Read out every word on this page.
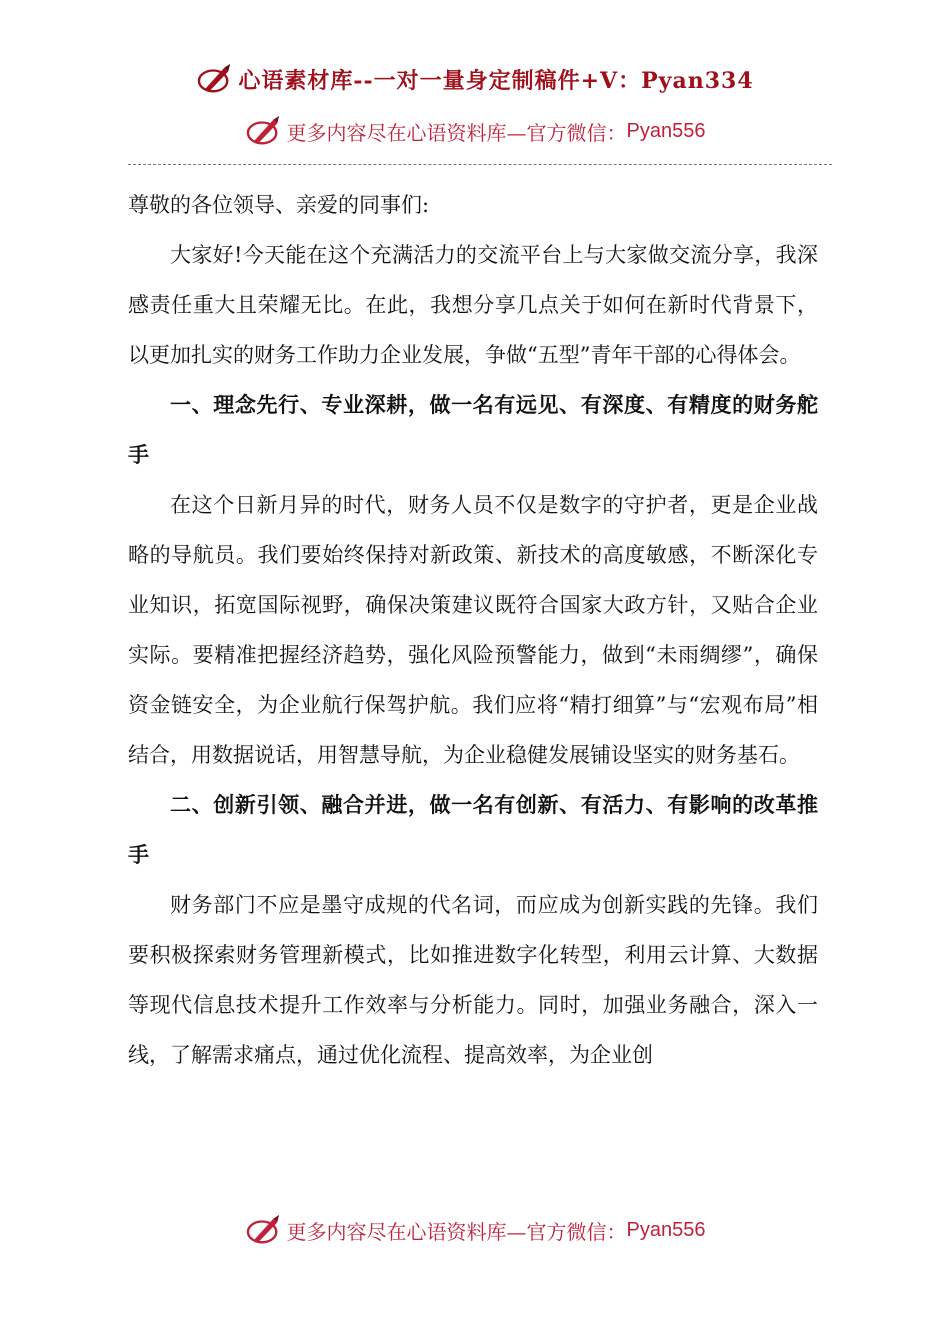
心语素材库--一对一量身定制稿件+V：Pyan334
更多内容尽在心语资料库—官方微信： Pyan556

尊敬的各位领导、亲爱的同事们:

大家好!今天能在这个充满活力的交流平台上与大家做交流分享，我深感责任重大且荣耀无比。在此，我想分享几点关于如何在新时代背景下，以更加扎实的财务工作助力企业发展，争做“五型”青年干部的心得体会。

一、理念先行、专业深耕，做一名有远见、有深度、有精度的财务舵手

在这个日新月异的时代，财务人员不仅是数字的守护者，更是企业战略的导航员。我们要始终保持对新政策、新技术的高度敏感，不断深化专业知识，拓宽国际视野，确保决策建议既符合国家大政方针，又贴合企业实际。要精准把握经济趋势，强化风险预警能力，做到“未雨绸缪”，确保资金链安全，为企业航行保驾护航。我们应将“精打细算”与“宏观布局”相结合，用数据说话，用智慧导航，为企业稳健发展铺设坚实的财务基石。

二、创新引领、融合并进，做一名有创新、有活力、有影响的改革推手

财务部门不应是墨守成规的代名词，而应成为创新实践的先锋。我们要积极探索财务管理新模式，比如推进数字化转型，利用云计算、大数据等现代信息技术提升工作效率与分析能力。同时，加强业务融合，深入一线，了解需求痛点，通过优化流程、提高效率，为企业创

更多内容尽在心语资料库—官方微信： Pyan556
